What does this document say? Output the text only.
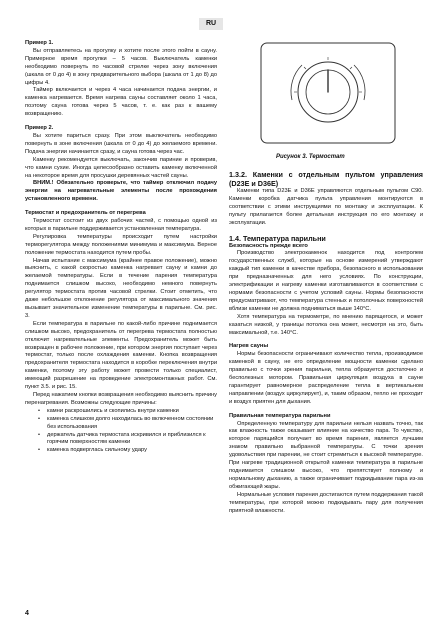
RU

Пример 1.

Вы отправляетесь на прогулку и хотите после этого пойти в сауну. Примерное время прогулки – 5 часов. Выключатель каменки необходимо повернуть по часовой стрелке через зону включения (шкала от 0 до 4) в зону предварительного выбора (шкала от 1 до 8) до цифры 4.

Таймер включается и через 4 часа начинается подача энергии, и каменка нагревается. Время нагрева сауны составляет около 1 часа, поэтому сауна готова через 5 часов, т. е. как раз к вашему возвращению.

Пример 2.

Вы хотите париться сразу. При этом выключатель необходимо повернуть в зоне включения (шкала от 0 до 4) до желаемого времени. Подача энергии начинается сразу, и сауна готова через час.

Каменку рекомендуется выключать, закончив париние и проверив, что камни сухие. Иногда целесообразно оставить каменку включенной на некоторое время для просушки деревянных частей сауны.

ВНИМ.! Обязательно проверьте, что таймер отключил подачу энергии на нагревательные элементы после прохождения установленного времени.

Термостат и предохранитель от перегрева

Термостат состоит из двух рабочих частей, с помощью одной из которых в парильне поддерживается установленная температура.

Регулировка температуры происходит путем настройки терморегулятора между положениями минимума и максимума. Верное положение термостата находится путем пробы.

Начав испытание с максимума (крайнее правое положение), можно выяснить, с какой скоростью каменка нагревает сауну и камни до желаемой температуры. Если в течение парения температура поднимается слишком высоко, необходимо немного повернуть регулятор термостата против часовой стрелки. Стоит отметить, что даже небольшое отклонение регулятора от максимального значения вызывает значительное изменение температуры в парильне. См. рис. 3.

Если температура в парильне по какой-либо причине поднимается слишком высоко, предохранитель от перегрева термостата полностью отключит нагревательные элементы. Предохранитель может быть возвращен в рабочее положение, при котором энергия поступает через термостат, только после охлаждения каменки. Кнопка возвращения предохранителя термостата находится в коробке переключения внутри каменки, поэтому эту работу может провести только специалист, имеющий разрешение на проведение электромонтажных работ. См. пункт 3.5. и рис. 15.

Перед нажатием кнопки возвращения необходимо выяснить причину перенагревания. Возможны следующие причины:

• камни раскрошились и скопились внутри каменки
• каменка слишком долго находилась во включенном состоянии без использования
• держатель датчика термостата искривился и приблизился к горячим поверхностям каменки
• каменка подверглась сильному удару
Рисунок 3. Термостат

1.3.2. Каменки с отдельным пультом управления (D23E и D36E)

Каменки типа D23E и D36E управляются отдельным пультом C90. Каменки коробка датчика пульта управления монтируются в соответствии с этими инструкциями по монтажу и эксплуатации. К пульту прилагается более детальная инструкция по его монтажу и эксплуатации.

1.4. Температура парильни

Безопасность прежде всего

Производство электрокаменок находится под контролем государственных служб, которые на основе измерений утверждают каждый тип каменки в качестве прибора, безопасного в использовании при предназначенных для него условиях. По конструкции, электрификации и нагреву каменки изготавливаются в соответствии с нормами безопасности с учетом условий сауны. Нормы безопасности предусматривают, что температура стенных и потолочных поверхностей вблизи каменки не должна подниматься выше 140°C.

Хотя температура на термометре, по мнению парящегося, и может казаться низкой, у границы потолка она может, несмотря на это, быть максимальной, т.е. 140°C.

Нагрев сауны

Нормы безопасности ограничивают количество тепла, производимое каменкой в сауну, не его определение мощности каменки сделано правильно с точки зрения парильни, тепла образуется достаточно и бесполезных мотором. Правильная циркуляция воздуха в сауне гарантирует равномерное распределение тепла в вертикальном направлении (воздух циркулирует), и, таким образом, тепло не проходит и воздух приятен для дыхания.

Правильная температура парильни

Определенную температуру для парильни нельзя назвать точно, так как влажность также оказывает влияние на качество пара. То чувство, которое парящийся получает во время парения, является лучшим знаком правильно выбранной температуры. С точки зрения удовольствия при парении, не стоит стремиться к высокой температуре. При нагреве традиционной открытой каменки температура в парильне поднимается слишком высоко, что препятствует полному и нормальному дыханию, а также ограничивает подкидывание пара из-за обжигающей жары.

Нормальные условия парения достигаются путем поддержания такой температуры, при которой можно подкидывать пару для получения приятной влажности.

4
